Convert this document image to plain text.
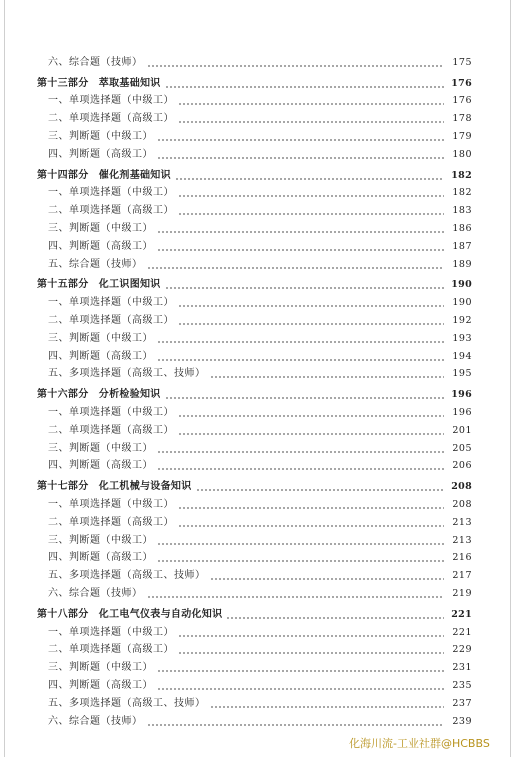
六、综合题（技师）	175
第十三部分　萃取基础知识	176
一、单项选择题（中级工）	176
二、单项选择题（高级工）	178
三、判断题（中级工）	179
四、判断题（高级工）	180
第十四部分　催化剂基础知识	182
一、单项选择题（中级工）	182
二、单项选择题（高级工）	183
三、判断题（中级工）	186
四、判断题（高级工）	187
五、综合题（技师）	189
第十五部分　化工识图知识	190
一、单项选择题（中级工）	190
二、单项选择题（高级工）	192
三、判断题（中级工）	193
四、判断题（高级工）	194
五、多项选择题（高级工、技师）	195
第十六部分　分析检验知识	196
一、单项选择题（中级工）	196
二、单项选择题（高级工）	201
三、判断题（中级工）	205
四、判断题（高级工）	206
第十七部分　化工机械与设备知识	208
一、单项选择题（中级工）	208
二、单项选择题（高级工）	213
三、判断题（中级工）	213
四、判断题（高级工）	216
五、多项选择题（高级工、技师）	217
六、综合题（技师）	219
第十八部分　化工电气仪表与自动化知识	221
一、单项选择题（中级工）	221
二、单项选择题（高级工）	229
三、判断题（中级工）	231
四、判断题（高级工）	235
五、多项选择题（高级工、技师）	237
六、综合题（技师）	239
化海川流-工业社群@HCBBS
